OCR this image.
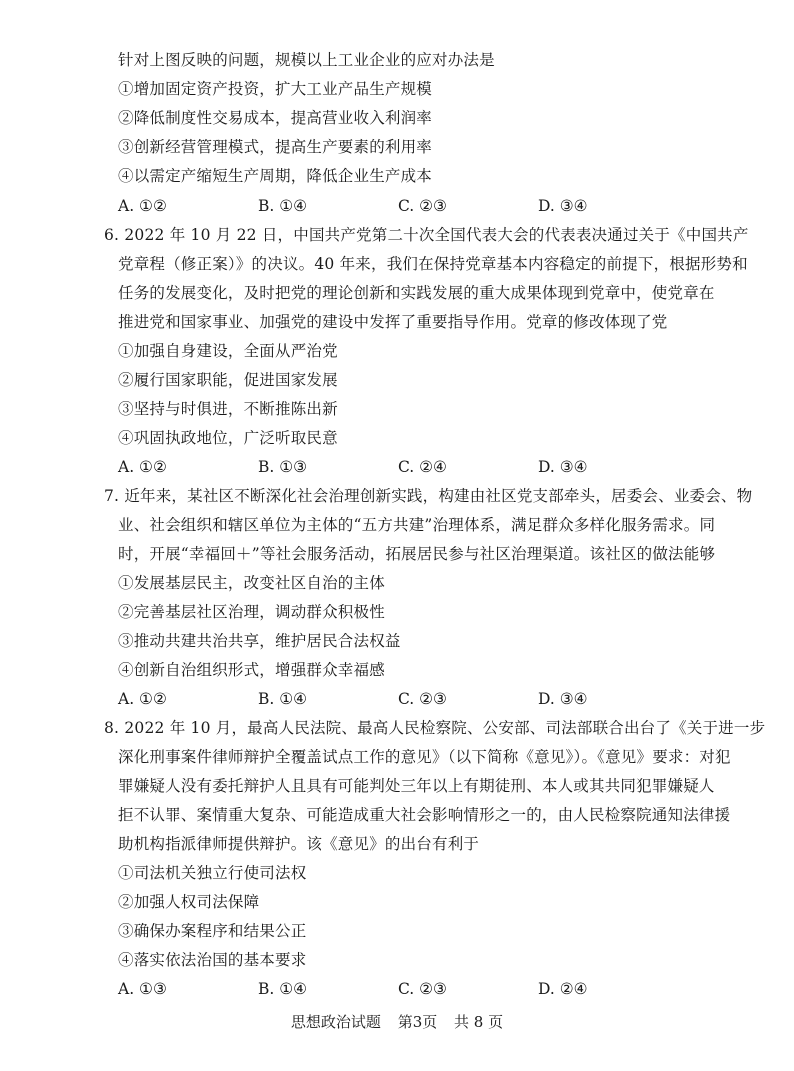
针对上图反映的问题，规模以上工业企业的应对办法是
①增加固定资产投资，扩大工业产品生产规模
②降低制度性交易成本，提高营业收入利润率
③创新经营管理模式，提高生产要素的利用率
④以需定产缩短生产周期，降低企业生产成本
A. ①②	B. ①④	C. ②③	D. ③④
6. 2022 年 10 月 22 日，中国共产党第二十次全国代表大会的代表表决通过关于《中国共产
党章程（修正案）》的决议。40 年来，我们在保持党章基本内容稳定的前提下，根据形势和
任务的发展变化，及时把党的理论创新和实践发展的重大成果体现到党章中，使党章在
推进党和国家事业、加强党的建设中发挥了重要指导作用。党章的修改体现了党
①加强自身建设，全面从严治党
②履行国家职能，促进国家发展
③坚持与时俱进，不断推陈出新
④巩固执政地位，广泛听取民意
A. ①②	B. ①③	C. ②④	D. ③④
7. 近年来，某社区不断深化社会治理创新实践，构建由社区党支部牵头，居委会、业委会、物
业、社会组织和辖区单位为主体的“五方共建”治理体系，满足群众多样化服务需求。同
时，开展“幸福回＋”等社会服务活动，拓展居民参与社区治理渠道。该社区的做法能够
①发展基层民主，改变社区自治的主体
②完善基层社区治理，调动群众积极性
③推动共建共治共享，维护居民合法权益
④创新自治组织形式，增强群众幸福感
A. ①②	B. ①④	C. ②③	D. ③④
8. 2022 年 10 月，最高人民法院、最高人民检察院、公安部、司法部联合出台了《关于进一步
深化刑事案件律师辩护全覆盖试点工作的意见》（以下简称《意见》）。《意见》要求：对犯
罪嫌疑人没有委托辩护人且具有可能判处三年以上有期徒刑、本人或其共同犯罪嫌疑人
拒不认罪、案情重大复杂、可能造成重大社会影响情形之一的，由人民检察院通知法律援
助机构指派律师提供辩护。该《意见》的出台有利于
①司法机关独立行使司法权
②加强人权司法保障
③确保办案程序和结果公正
④落实依法治国的基本要求
A. ①③	B. ①④	C. ②③	D. ②④
思想政治试题 第3页 共 8 页
